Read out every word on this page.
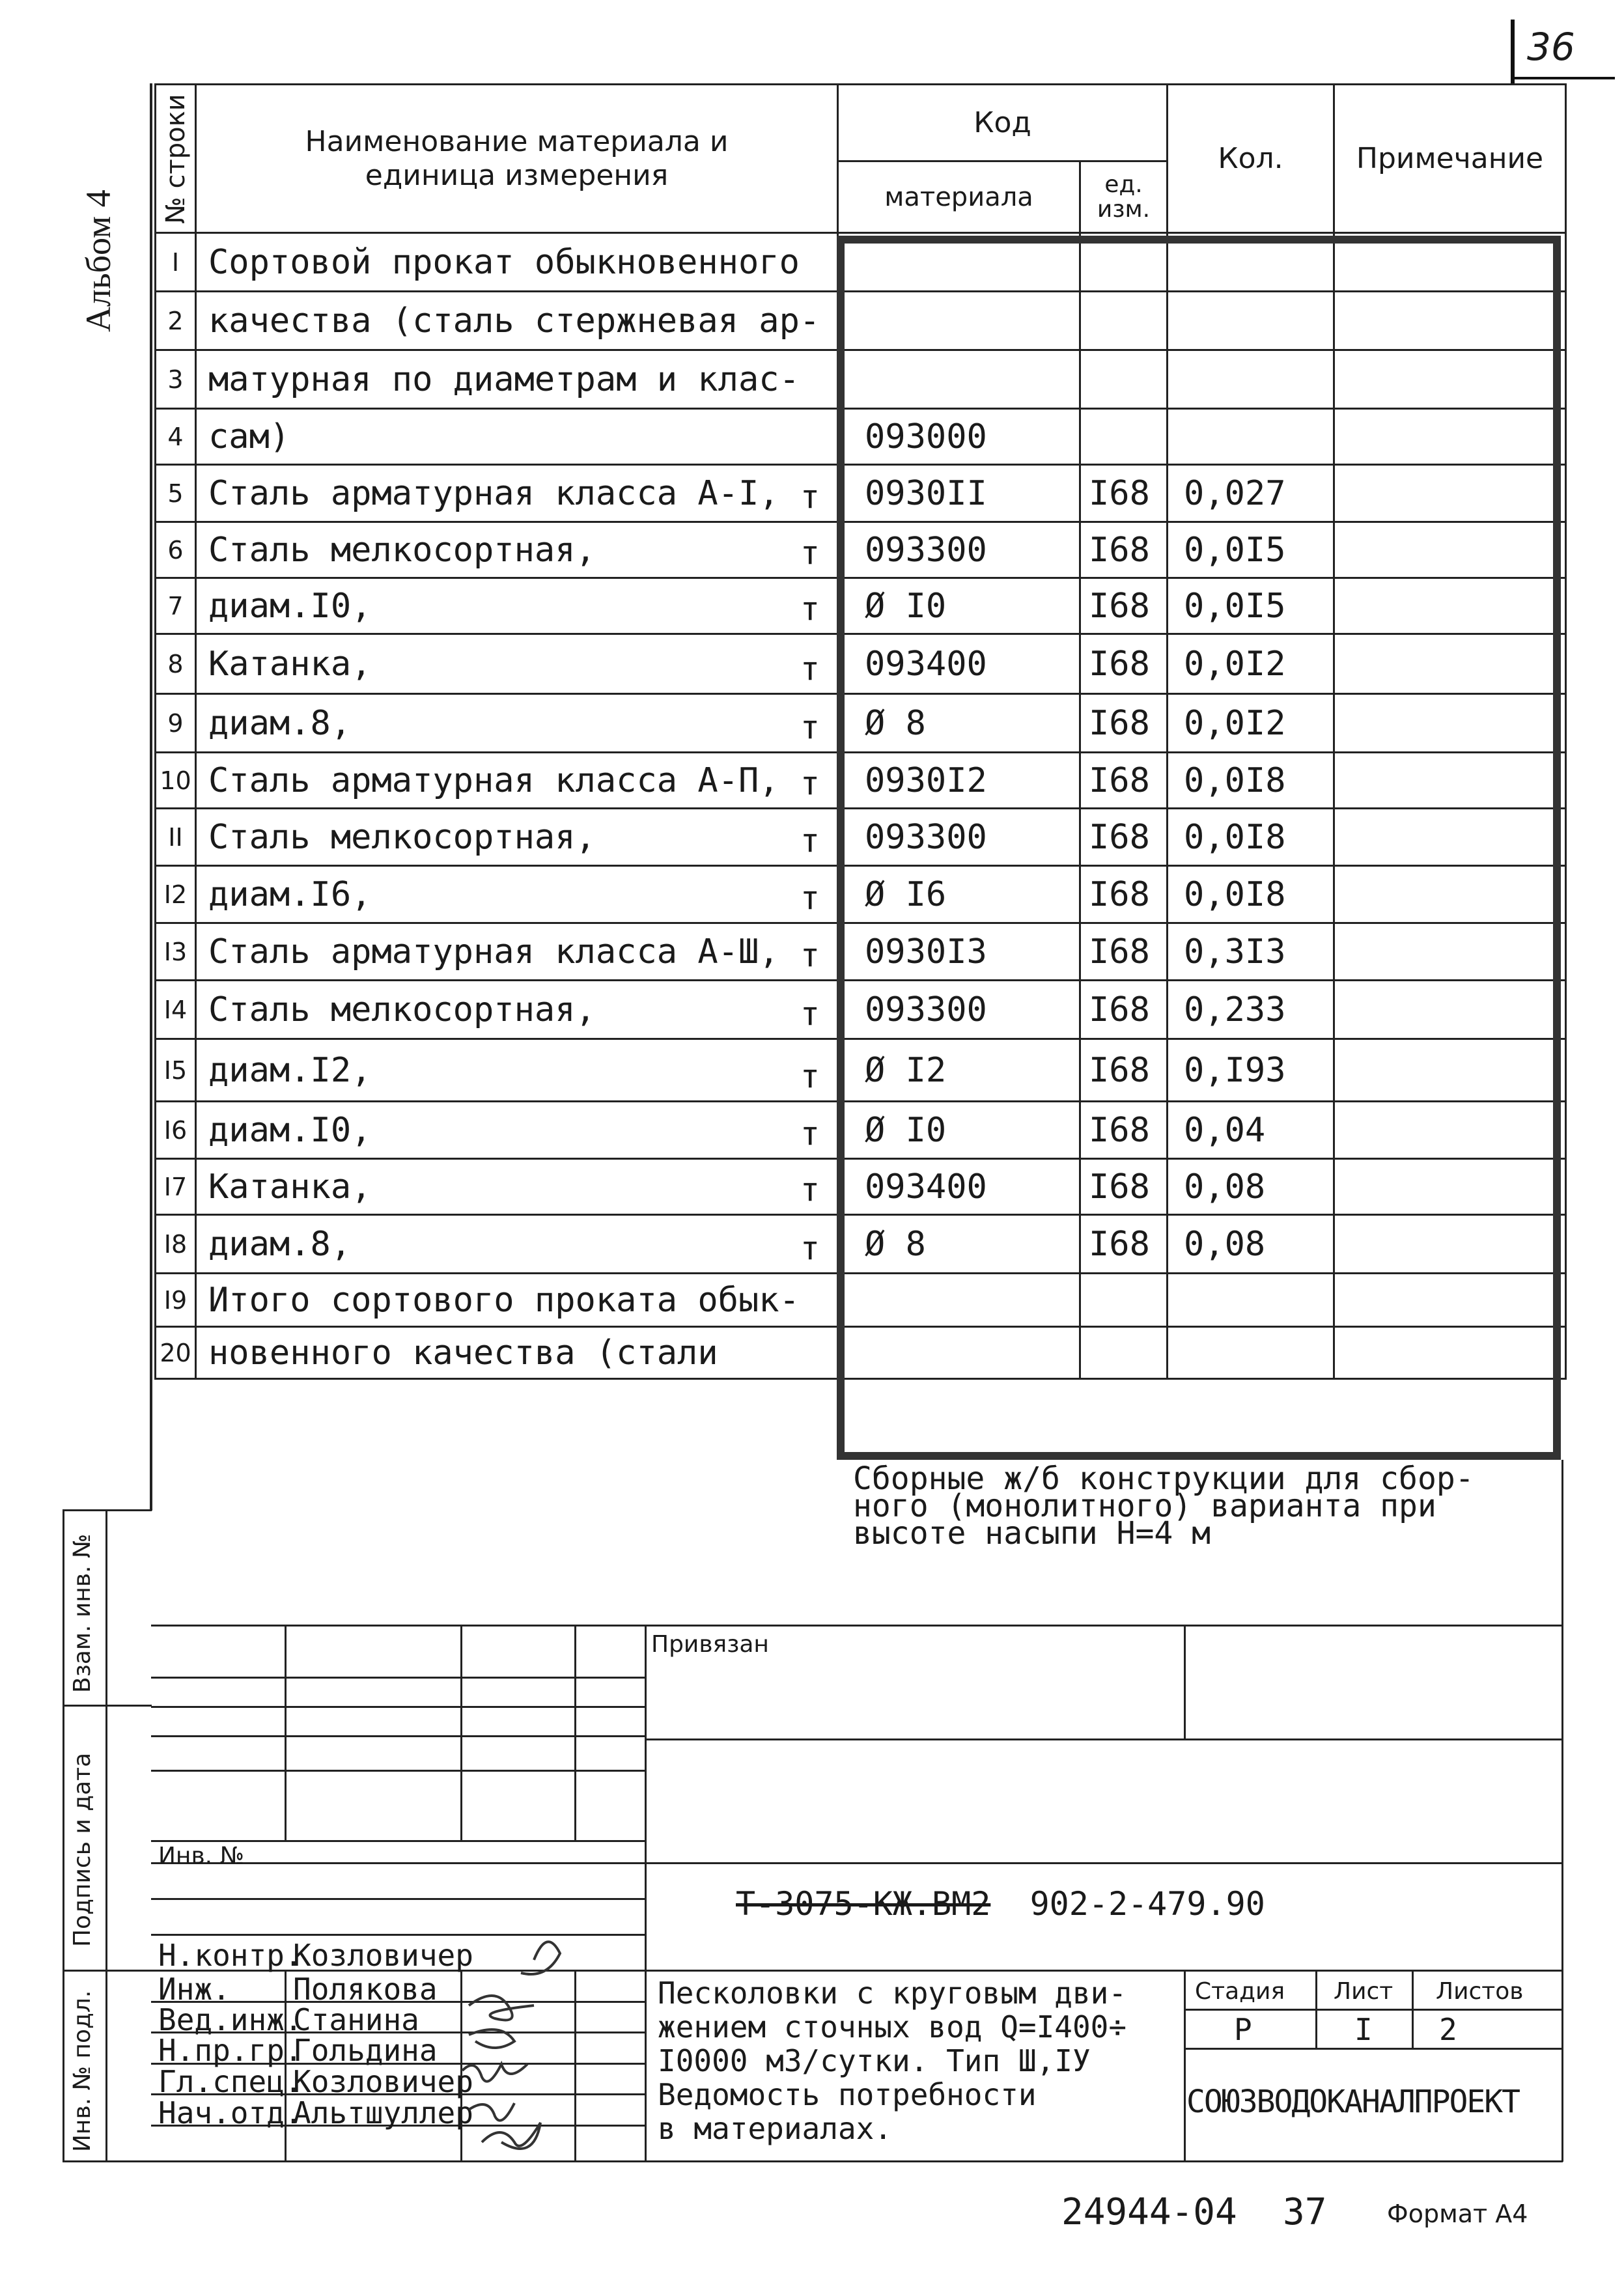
36
Альбом 4
№ строки	Наименование материала и единица измерения	Код		Кол.	Примечание
		материала	ед. изм.		
I	Сортовой прокат обыкновенного

2	качества (сталь стержневая ар-

3	матурная по диаметрам и клас-

4	сам)	093000			
5	Сталь арматурная класса А-I, т	0930II	I68	0,027	
6	Сталь мелкосортная, т	093300	I68	0,0I5	
7	диам.I0, т	Ø I0	I68	0,0I5	
8	Катанка, т	093400	I68	0,0I2	
9	диам.8, т	Ø 8	I68	0,0I2	
10	Сталь арматурная класса А-П, т	0930I2	I68	0,0I8	
II	Сталь мелкосортная, т	093300	I68	0,0I8	
I2	диам.I6, т	Ø I6	I68	0,0I8	
I3	Сталь арматурная класса А-Ш, т	0930I3	I68	0,3I3	
I4	Сталь мелкосортная, т	093300	I68	0,233	
I5	диам.I2, т	Ø I2	I68	0,I93	
I6	диам.I0, т	Ø I0	I68	0,04	
I7	Катанка, т	093400	I68	0,08	
I8	диам.8, т	Ø 8	I68	0,08	
I9	Итого сортового проката обык-

20	новенного качества (стали

Сборные ж/б конструкции для сбор-
ного (монолитного) варианта при
высоте насыпи Н=4 м
Взам. инв. №
Подпись и дата
Инв. № подл.
Привязан
Инв. №
Т-3075-КЖ.ВМ2 902-2-479.90
Н.контр.
Козловичер
Инж. Полякова
Вед.инж.
Станина
Н.пр.гр.
Гольдина
Гл.спец.
Козловичер
Нач.отд.
Альтшуллер
Песколовки с круговым дви-
жением сточных вод Q=I400÷
I0000 м3/сутки. Тип Ш,IУ
Ведомость потребности
в материалах.
Стадия Лист Листов
Р	I 2
СОЮЗВОДОКАНАЛПРОЕКТ
24944-04 37 Формат А4
